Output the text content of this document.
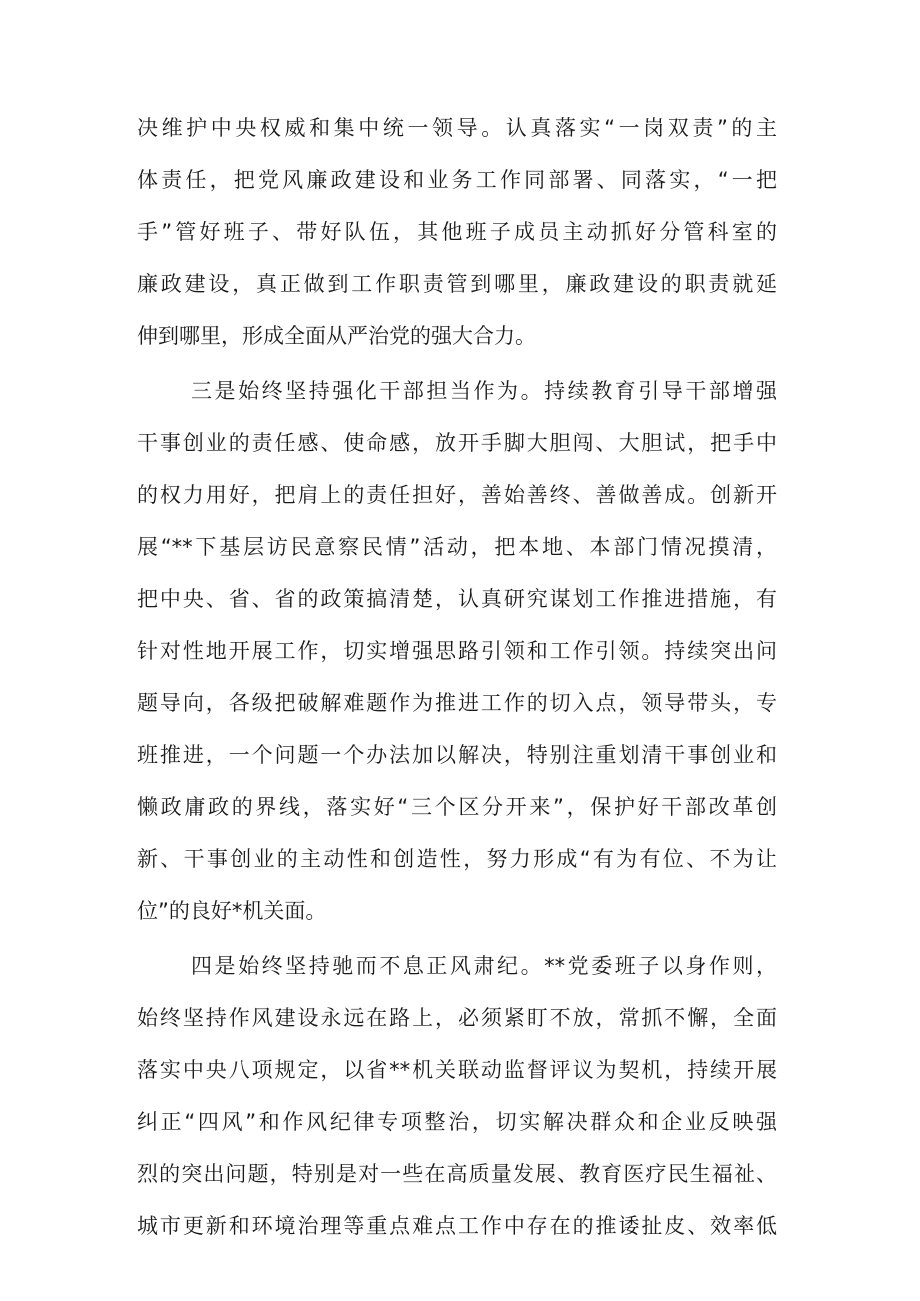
决维护中央权威和集中统一领导。认真落实“一岗双责”的主
体责任，把党风廉政建设和业务工作同部署、同落实，“一把
手”管好班子、带好队伍，其他班子成员主动抓好分管科室的
廉政建设，真正做到工作职责管到哪里，廉政建设的职责就延
伸到哪里，形成全面从严治党的强大合力。
三是始终坚持强化干部担当作为。持续教育引导干部增强
干事创业的责任感、使命感，放开手脚大胆闯、大胆试，把手中
的权力用好，把肩上的责任担好，善始善终、善做善成。创新开
展“**下基层访民意察民情”活动，把本地、本部门情况摸清，
把中央、省、省的政策搞清楚，认真研究谋划工作推进措施，有
针对性地开展工作，切实增强思路引领和工作引领。持续突出问
题导向，各级把破解难题作为推进工作的切入点，领导带头，专
班推进，一个问题一个办法加以解决，特别注重划清干事创业和
懒政庸政的界线，落实好“三个区分开来”，保护好干部改革创
新、干事创业的主动性和创造性，努力形成“有为有位、不为让
位”的良好*机关面。
四是始终坚持驰而不息正风肃纪。**党委班子以身作则，
始终坚持作风建设永远在路上，必须紧盯不放，常抓不懈，全面
落实中央八项规定，以省**机关联动监督评议为契机，持续开展
纠正“四风”和作风纪律专项整治，切实解决群众和企业反映强
烈的突出问题，特别是对一些在高质量发展、教育医疗民生福祉、
城市更新和环境治理等重点难点工作中存在的推诿扯皮、效率低
